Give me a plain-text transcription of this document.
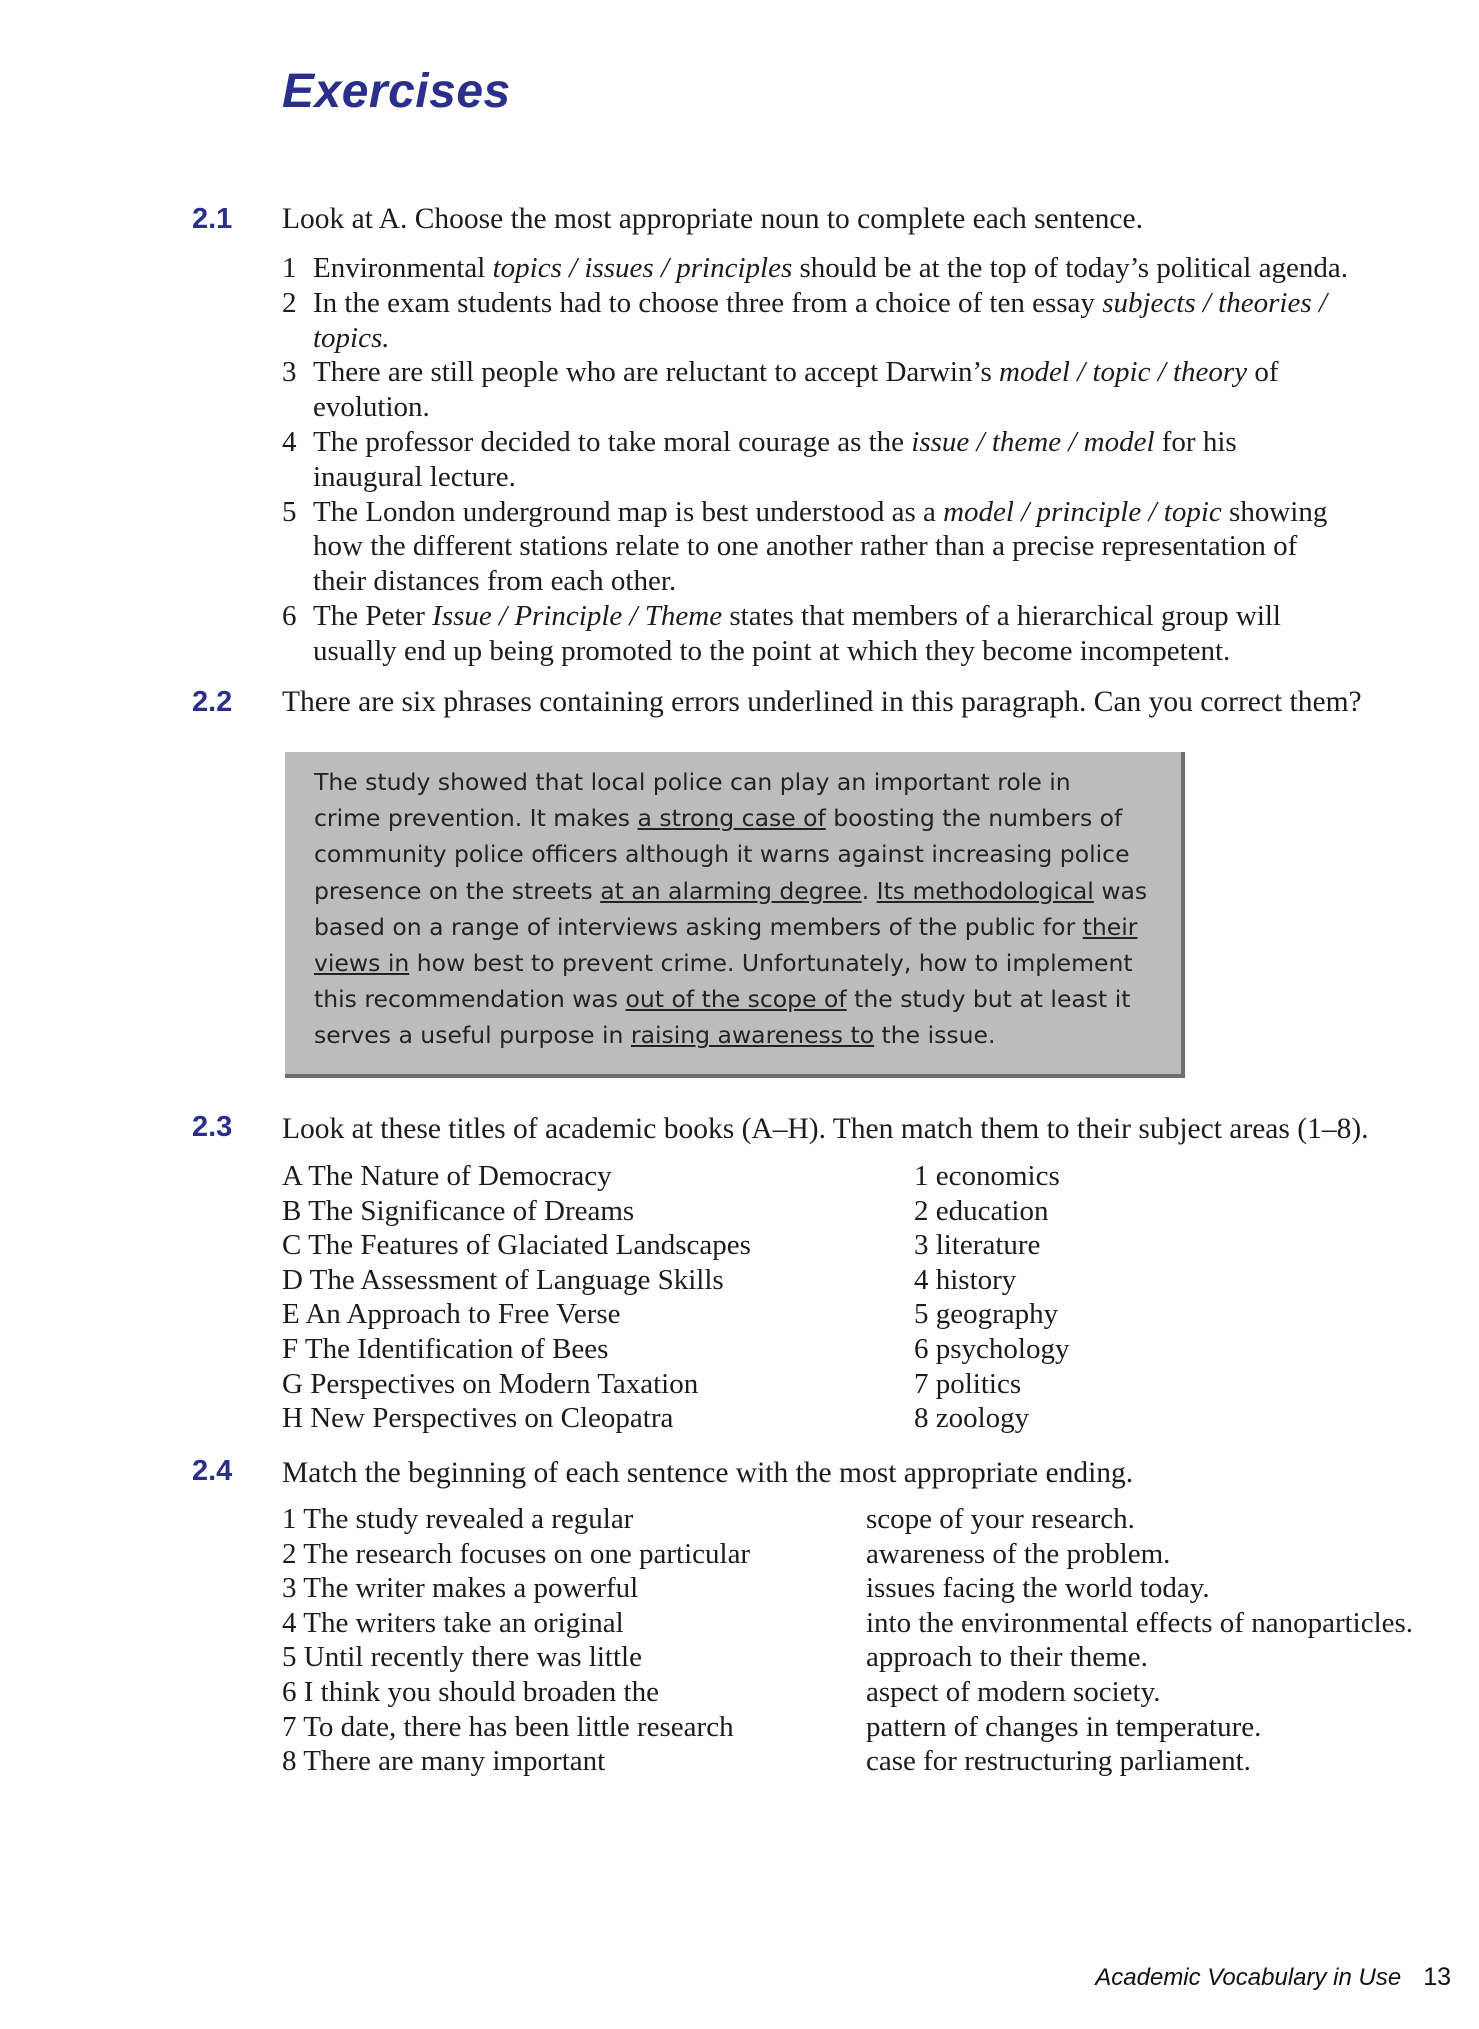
Exercises
2.1 Look at A. Choose the most appropriate noun to complete each sentence.
1 Environmental topics / issues / principles should be at the top of today’s political agenda.
2 In the exam students had to choose three from a choice of ten essay subjects / theories /
topics.
3 There are still people who are reluctant to accept Darwin’s model / topic / theory of
evolution.
4 The professor decided to take moral courage as the issue / theme / model for his
inaugural lecture.
5 The London underground map is best understood as a model / principle / topic showing
how the different stations relate to one another rather than a precise representation of
their distances from each other.
6 The Peter Issue / Principle / Theme states that members of a hierarchical group will
usually end up being promoted to the point at which they become incompetent.
2.2 There are six phrases containing errors underlined in this paragraph. Can you correct them?
The study showed that local police can play an important role in
crime prevention. It makes a strong case of boosting the numbers of
community police officers although it warns against increasing police
presence on the streets at an alarming degree. Its methodological was
based on a range of interviews asking members of the public for their
views in how best to prevent crime. Unfortunately, how to implement
this recommendation was out of the scope of the study but at least it
serves a useful purpose in raising awareness to the issue.
2.3 Look at these titles of academic books (A–H). Then match them to their subject areas (1–8).
A The Nature of Democracy
B The Significance of Dreams
C The Features of Glaciated Landscapes
D The Assessment of Language Skills
E An Approach to Free Verse
F The Identification of Bees
G Perspectives on Modern Taxation
H New Perspectives on Cleopatra
1 economics
2 education
3 literature
4 history
5 geography
6 psychology
7 politics
8 zoology
2.4 Match the beginning of each sentence with the most appropriate ending.
1 The study revealed a regular
2 The research focuses on one particular
3 The writer makes a powerful
4 The writers take an original
5 Until recently there was little
6 I think you should broaden the
7 To date, there has been little research
8 There are many important
scope of your research.
awareness of the problem.
issues facing the world today.
into the environmental effects of nanoparticles.
approach to their theme.
aspect of modern society.
pattern of changes in temperature.
case for restructuring parliament.
Academic Vocabulary in Use 13
